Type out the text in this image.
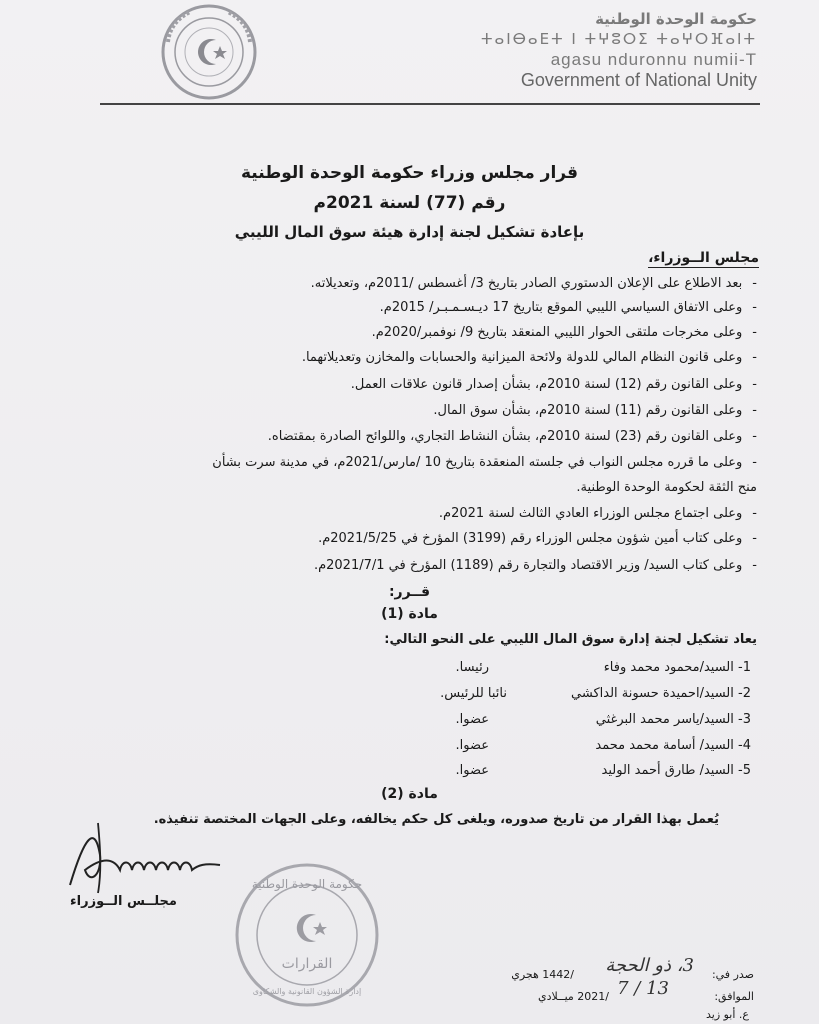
حكومة الوحدة الوطنية
ⵜⴰⵏⴱⴰⴹⵜ ⵏ ⵜⵖⵓⵔⵉ ⵜⴰⵖⵔⴼⴰⵏⵜ
agasu nduronnu numii-T
Government of National Unity
قرار مجلس وزراء حكومة الوحدة الوطنية
رقم (77) لسنة 2021م
بإعادة تشكيل لجنة إدارة هيئة سوق المال الليبي
مجلس الــوزراء،
-بعد الاطلاع على الإعلان الدستوري الصادر بتاريخ 3/ أغسطس /2011م، وتعديلاته.
-وعلى الاتفاق السياسي الليبي الموقع بتاريخ 17 ديـسـمـبـر/ 2015م.
-وعلى مخرجات ملتقى الحوار الليبي المنعقد بتاريخ 9/ نوفمبر/2020م.
-وعلى قانون النظام المالي للدولة ولائحة الميزانية والحسابات والمخازن وتعديلاتهما.
-وعلى القانون رقم (12) لسنة 2010م، بشأن إصدار قانون علاقات العمل.
-وعلى القانون رقم (11) لسنة 2010م، بشأن سوق المال.
-وعلى القانون رقم (23) لسنة 2010م، بشأن النشاط التجاري، واللوائح الصادرة بمقتضاه.
-وعلى ما قرره مجلس النواب في جلسته المنعقدة بتاريخ 10 /مارس/2021م، في مدينة سرت بشأن
منح الثقة لحكومة الوحدة الوطنية.
-وعلى اجتماع مجلس الوزراء العادي الثالث لسنة 2021م.
-وعلى كتاب أمين شؤون مجلس الوزراء رقم (3199) المؤرخ في 2021/5/25م.
-وعلى كتاب السيد/ وزير الاقتصاد والتجارة رقم (1189) المؤرخ في 2021/7/1م.
قــرر:
مادة (1)
يعاد تشكيل لجنة إدارة سوق المال الليبي على النحو التالي:
1- السيد/محمود محمد وفاء
رئيسا.
2- السيد/احميدة حسونة الداكشي
نائبا للرئيس.
3- السيد/ياسر محمد البرغثي
عضوا.
4- السيد/ أسامة محمد محمد
عضوا.
5- السيد/ طارق أحمد الوليد
عضوا.
مادة (2)
يُعمل بهذا القرار من تاريخ صدوره، ويلغى كل حكم يخالفه، وعلى الجهات المختصة تنفيذه.
مجلــس الــوزراء
حكومة الوحدة الوطنية
القرارات
إدارة الشؤون القانونية والشكاوى
صدر في:
3، ذو الحجة
/1442 هجري
الموافق:
7 / 13
/2021 ميــلادي
ع. أبو زيد
